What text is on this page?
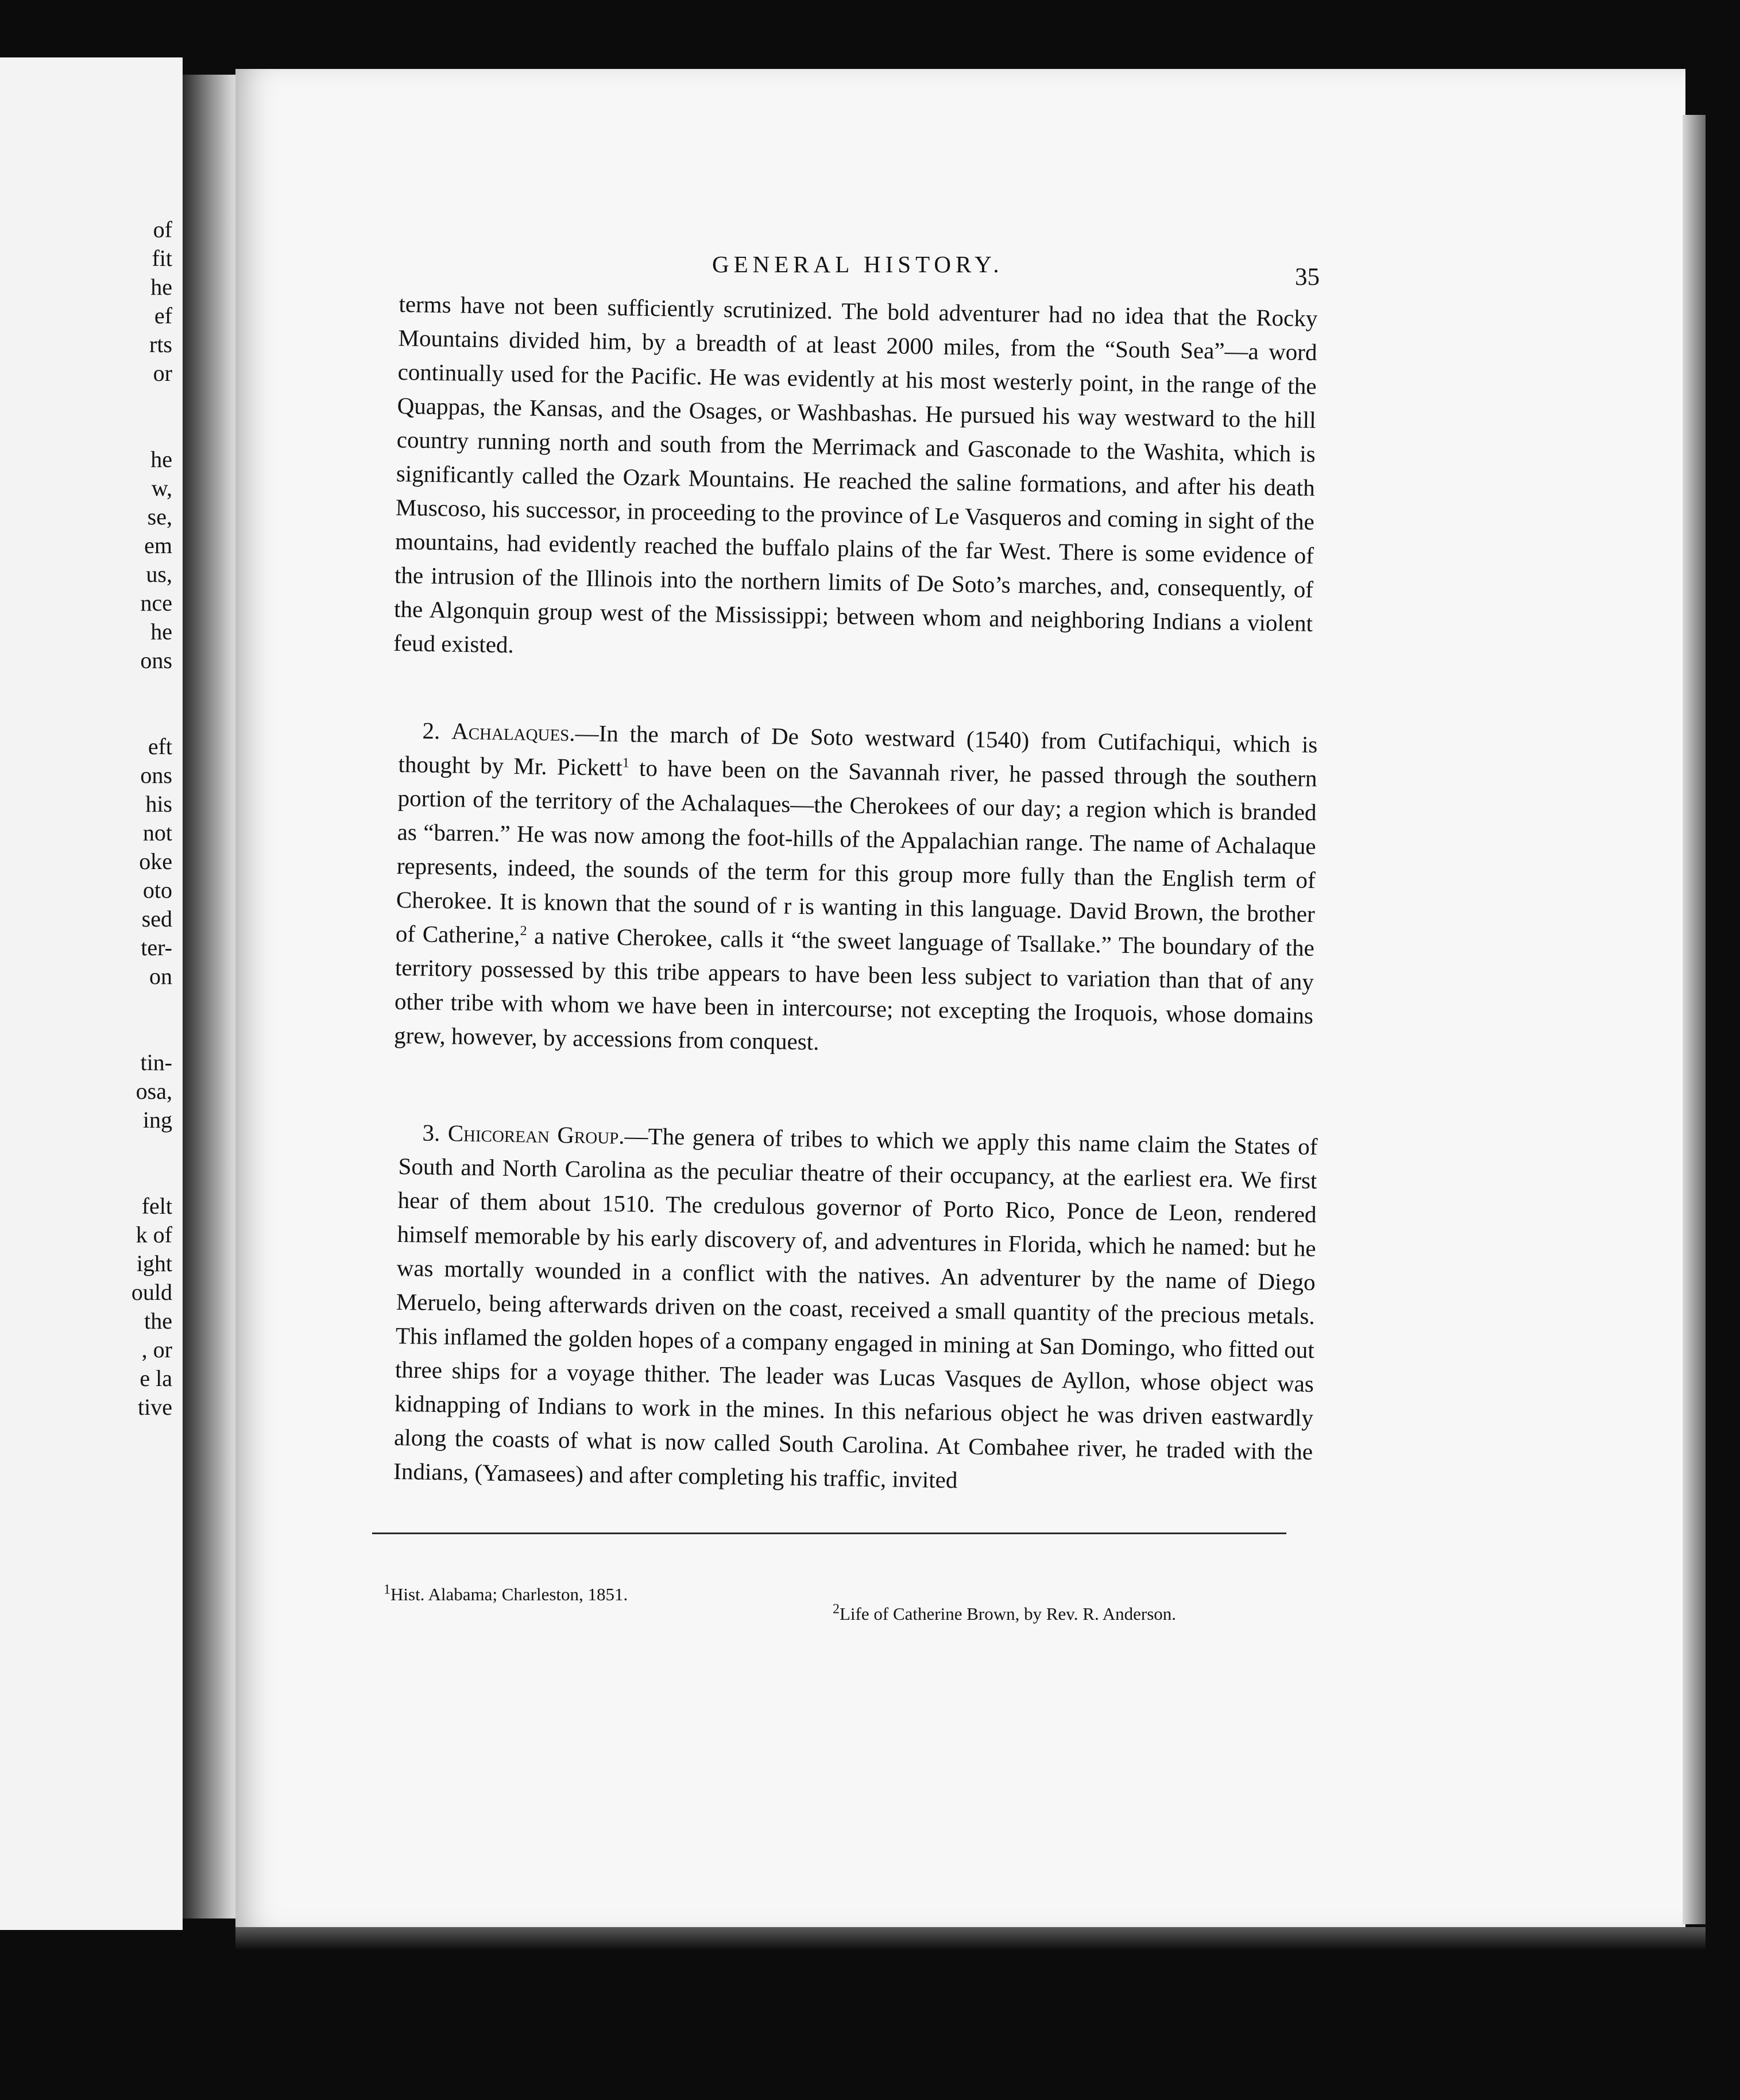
of
fit
he
ef
rts
or
he
w,
se,
em
us,
nce
he
ons
eft
ons
his
not
oke
oto
sed
ter-
on
tin-
osa,
ing
felt
k of
ight
ould
the
, or
e la
tive
GENERAL HISTORY.	35
terms have not been sufficiently scrutinized. The bold adventurer had no idea that the Rocky Mountains divided him, by a breadth of at least 2000 miles, from the “South Sea”—a word continually used for the Pacific. He was evidently at his most westerly point, in the range of the Quappas, the Kansas, and the Osages, or Washbashas. He pursued his way westward to the hill country running north and south from the Merrimack and Gasconade to the Washita, which is significantly called the Ozark Mountains. He reached the saline formations, and after his death Muscoso, his successor, in proceeding to the province of Le Vasqueros and coming in sight of the mountains, had evidently reached the buffalo plains of the far West. There is some evidence of the intrusion of the Illinois into the northern limits of De Soto’s marches, and, consequently, of the Algonquin group west of the Mississippi; between whom and neighboring Indians a violent feud existed.
 2. Achalaques.—In the march of De Soto westward (1540) from Cutifachiqui, which is thought by Mr. Pickett$^1$ to have been on the Savannah river, he passed through the southern portion of the territory of the Achalaques—the Cherokees of our day; a region which is branded as “barren.” He was now among the foot-hills of the Appalachian range. The name of Achalaque represents, indeed, the sounds of the term for this group more fully than the English term of Cherokee. It is known that the sound of r is wanting in this language. David Brown, the brother of Catherine,$^2$ a native Cherokee, calls it “the sweet language of Tsallake.” The boundary of the territory possessed by this tribe appears to have been less subject to variation than that of any other tribe with whom we have been in intercourse; not excepting the Iroquois, whose domains grew, however, by accessions from conquest.
 3. Chicorean Group.—The genera of tribes to which we apply this name claim the States of South and North Carolina as the peculiar theatre of their occupancy, at the earliest era. We first hear of them about 1510. The credulous governor of Porto Rico, Ponce de Leon, rendered himself memorable by his early discovery of, and adventures in Florida, which he named: but he was mortally wounded in a conflict with the natives. An adventurer by the name of Diego Meruelo, being afterwards driven on the coast, received a small quantity of the precious metals. This inflamed the golden hopes of a company engaged in mining at San Domingo, who fitted out three ships for a voyage thither. The leader was Lucas Vasques de Ayllon, whose object was kidnapping of Indians to work in the mines. In this nefarious object he was driven eastwardly along the coasts of what is now called South Carolina. At Combahee river, he traded with the Indians, (Yamasees) and after completing his traffic, invited
$^1$Hist. Alabama; Charleston, 1851.
$^2$Life of Catherine Brown, by Rev. R. Anderson.
